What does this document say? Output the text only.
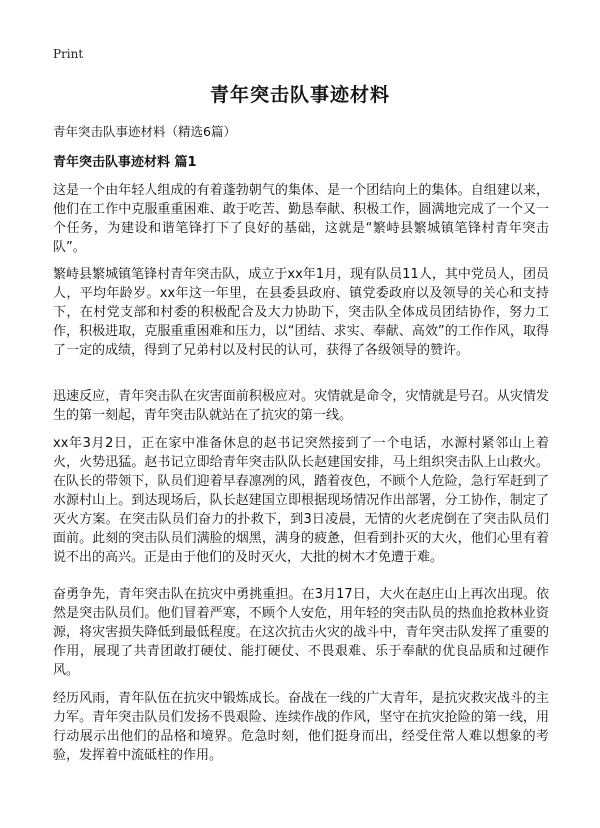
Print
青年突击队事迹材料

青年突击队事迹材料（精选6篇）

青年突击队事迹材料 篇1

这是一个由年轻人组成的有着蓬勃朝气的集体、是一个团结向上的集体。自组建以来，他们在工作中克服重重困难、敢于吃苦、勤恳奉献、积极工作，圆满地完成了一个又一个任务，为建设和谐笔锋打下了良好的基础，这就是“繁峙县繁城镇笔锋村青年突击队”。

繁峙县繁城镇笔锋村青年突击队，成立于xx年1月，现有队员11人，其中党员人，团员人，平均年龄岁。xx年这一年里，在县委县政府、镇党委政府以及领导的关心和支持下，在村党支部和村委的积极配合及大力协助下，突击队全体成员团结协作，努力工作，积极进取，克服重重困难和压力，以“团结、求实、奉献、高效”的工作作风，取得了一定的成绩，得到了兄弟村以及村民的认可，获得了各级领导的赞许。

迅速反应，青年突击队在灾害面前积极应对。灾情就是命令，灾情就是号召。从灾情发生的第一刻起，青年突击队就站在了抗灾的第一线。

xx年3月2日，正在家中准备休息的赵书记突然接到了一个电话，水源村紧邻山上着火，火势迅猛。赵书记立即给青年突击队队长赵建国安排，马上组织突击队上山救火。在队长的带领下，队员们迎着早春凛冽的风，踏着夜色，不顾个人危险，急行军赶到了水源村山上。到达现场后，队长赵建国立即根据现场情况作出部署，分工协作，制定了灭火方案。在突击队员们奋力的扑救下，到3日凌晨，无情的火老虎倒在了突击队员们面前。此刻的突击队员们满脸的烟黑，满身的疲惫，但看到扑灭的大火，他们心里有着说不出的高兴。正是由于他们的及时灭火，大批的树木才免遭于难。

奋勇争先，青年突击队在抗灾中勇挑重担。在3月17日，大火在赵庄山上再次出现。依然是突击队员们。他们冒着严寒，不顾个人安危，用年轻的突击队员的热血抢救林业资源，将灾害损失降低到最低程度。在这次抗击火灾的战斗中，青年突击队发挥了重要的作用，展现了共青团敢打硬仗、能打硬仗、不畏艰难、乐于奉献的优良品质和过硬作风。

经历风雨，青年队伍在抗灾中锻炼成长。奋战在一线的广大青年，是抗灾救灾战斗的主力军。青年突击队员们发扬不畏艰险、连续作战的作风，坚守在抗灾抢险的第一线，用行动展示出他们的品格和境界。危急时刻，他们挺身而出，经受住常人难以想象的考验，发挥着中流砥柱的作用。
